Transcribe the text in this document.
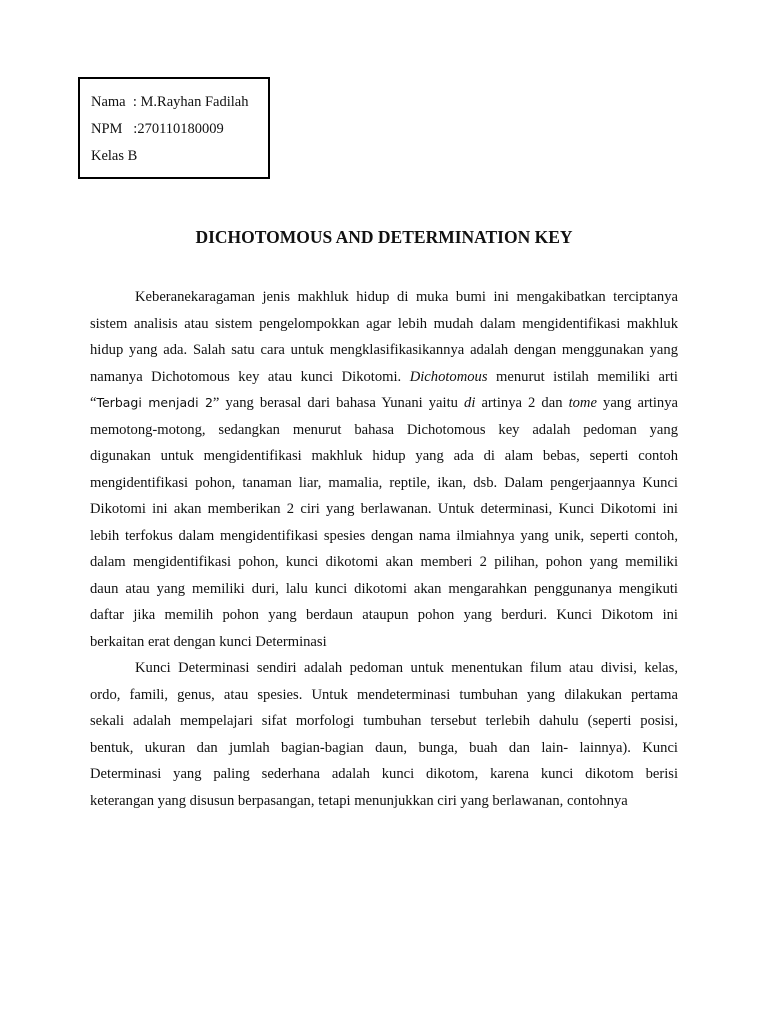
Nama  : M.Rayhan Fadilah
NPM   :270110180009
Kelas B
DICHOTOMOUS AND DETERMINATION KEY
Keberanekaragaman jenis makhluk hidup di muka bumi ini mengakibatkan terciptanya
sistem analisis atau sistem pengelompokkan agar lebih mudah dalam mengidentifikasi makhluk
hidup yang ada. Salah satu cara untuk mengklasifikasikannya adalah dengan menggunakan yang
namanya Dichotomous key atau kunci Dikotomi. Dichotomous menurut istilah memiliki arti
“Terbagi menjadi 2” yang berasal dari bahasa Yunani yaitu di artinya 2 dan tome yang artinya
memotong-motong, sedangkan menurut bahasa Dichotomous key adalah pedoman yang
digunakan untuk mengidentifikasi makhluk hidup yang ada di alam bebas, seperti contoh
mengidentifikasi pohon, tanaman liar, mamalia, reptile, ikan, dsb. Dalam pengerjaannya Kunci
Dikotomi ini akan memberikan 2 ciri yang berlawanan. Untuk determinasi, Kunci Dikotomi ini
lebih terfokus dalam mengidentifikasi spesies dengan nama ilmiahnya yang unik, seperti contoh,
dalam mengidentifikasi pohon, kunci dikotomi akan memberi 2 pilihan, pohon yang memiliki
daun atau yang memiliki duri, lalu kunci dikotomi akan mengarahkan penggunanya mengikuti
daftar jika memilih pohon yang berdaun ataupun pohon yang berduri. Kunci Dikotom ini
berkaitan erat dengan kunci Determinasi
Kunci Determinasi sendiri adalah pedoman untuk menentukan filum atau divisi, kelas,
ordo, famili, genus, atau spesies. Untuk mendeterminasi tumbuhan yang dilakukan pertama
sekali adalah mempelajari sifat morfologi tumbuhan tersebut terlebih dahulu (seperti posisi,
bentuk, ukuran dan jumlah bagian-bagian daun, bunga, buah dan lain- lainnya). Kunci
Determinasi yang paling sederhana adalah kunci dikotom, karena kunci dikotom berisi
keterangan yang disusun berpasangan, tetapi menunjukkan ciri yang berlawanan, contohnya
